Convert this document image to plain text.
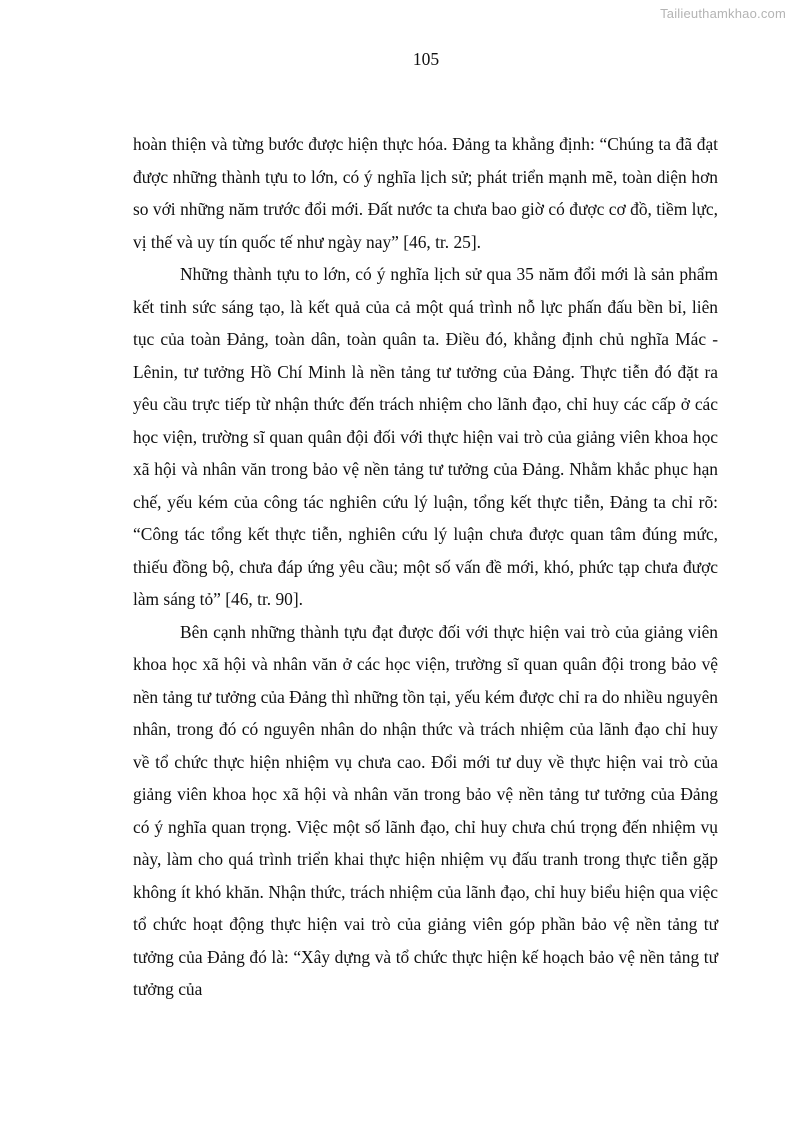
Tailieuthamkhao.com
105

hoàn thiện và từng bước được hiện thực hóa. Đảng ta khẳng định: “Chúng ta đã đạt được những thành tựu to lớn, có ý nghĩa lịch sử; phát triển mạnh mẽ, toàn diện hơn so với những năm trước đổi mới. Đất nước ta chưa bao giờ có được cơ đồ, tiềm lực, vị thế và uy tín quốc tế như ngày nay” [46, tr. 25].

Những thành tựu to lớn, có ý nghĩa lịch sử qua 35 năm đổi mới là sản phẩm kết tinh sức sáng tạo, là kết quả của cả một quá trình nỗ lực phấn đấu bền bỉ, liên tục của toàn Đảng, toàn dân, toàn quân ta. Điều đó, khẳng định chủ nghĩa Mác - Lênin, tư tưởng Hồ Chí Minh là nền tảng tư tưởng của Đảng. Thực tiễn đó đặt ra yêu cầu trực tiếp từ nhận thức đến trách nhiệm cho lãnh đạo, chỉ huy các cấp ở các học viện, trường sĩ quan quân đội đối với thực hiện vai trò của giảng viên khoa học xã hội và nhân văn trong bảo vệ nền tảng tư tưởng của Đảng. Nhằm khắc phục hạn chế, yếu kém của công tác nghiên cứu lý luận, tổng kết thực tiễn, Đảng ta chỉ rõ: “Công tác tổng kết thực tiễn, nghiên cứu lý luận chưa được quan tâm đúng mức, thiếu đồng bộ, chưa đáp ứng yêu cầu; một số vấn đề mới, khó, phức tạp chưa được làm sáng tỏ” [46, tr. 90].

Bên cạnh những thành tựu đạt được đối với thực hiện vai trò của giảng viên khoa học xã hội và nhân văn ở các học viện, trường sĩ quan quân đội trong bảo vệ nền tảng tư tưởng của Đảng thì những tồn tại, yếu kém được chỉ ra do nhiều nguyên nhân, trong đó có nguyên nhân do nhận thức và trách nhiệm của lãnh đạo chỉ huy về tổ chức thực hiện nhiệm vụ chưa cao. Đổi mới tư duy về thực hiện vai trò của giảng viên khoa học xã hội và nhân văn trong bảo vệ nền tảng tư tưởng của Đảng có ý nghĩa quan trọng. Việc một số lãnh đạo, chỉ huy chưa chú trọng đến nhiệm vụ này, làm cho quá trình triển khai thực hiện nhiệm vụ đấu tranh trong thực tiễn gặp không ít khó khăn. Nhận thức, trách nhiệm của lãnh đạo, chỉ huy biểu hiện qua việc tổ chức hoạt động thực hiện vai trò của giảng viên góp phần bảo vệ nền tảng tư tưởng của Đảng đó là: “Xây dựng và tổ chức thực hiện kế hoạch bảo vệ nền tảng tư tưởng của
